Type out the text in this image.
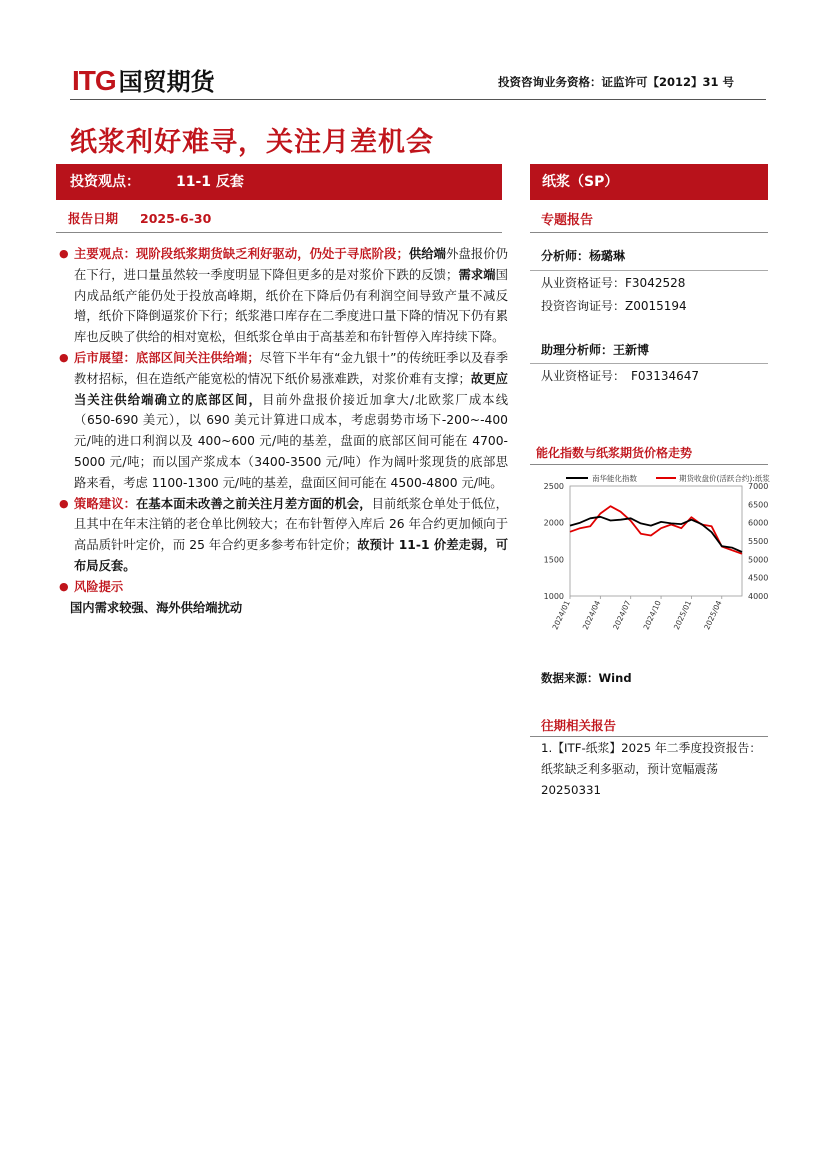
ITG 国贸期货	投资咨询业务资格：证监许可【2012】31 号
纸浆利好难寻，关注月差机会
投资观点：	11-1 反套	纸浆（SP）
报告日期 2025-6-30	专题报告

● 主要观点：现阶段纸浆期货缺乏利好驱动，仍处于寻底阶段；供给端外盘报价仍在下行，进口量虽然较一季度明显下降但更多的是对浆价下跌的反馈；需求端国内成品纸产能仍处于投放高峰期，纸价在下降后仍有利润空间导致产量不减反增，纸价下降倒逼浆价下行；纸浆港口库存在二季度进口量下降的情况下仍有累库也反映了供给的相对宽松，但纸浆仓单由于高基差和布针暂停入库持续下降。

● 后市展望：底部区间关注供给端；尽管下半年有“金九银十”的传统旺季以及春季教材招标，但在造纸产能宽松的情况下纸价易涨难跌，对浆价难有支撑；故更应当关注供给端确立的底部区间，目前外盘报价接近加拿大/北欧浆厂成本线（650-690 美元），以 690 美元计算进口成本，考虑弱势市场下-200~-400 元/吨的进口利润以及 400~600 元/吨的基差，盘面的底部区间可能在 4700-5000 元/吨；而以国产浆成本（3400-3500 元/吨）作为阔叶浆现货的底部思路来看，考虑 1100-1300 元/吨的基差，盘面区间可能在 4500-4800 元/吨。

● 策略建议：在基本面未改善之前关注月差方面的机会，目前纸浆仓单处于低位，且其中在年末注销的老仓单比例较大；在布针暂停入库后 26 年合约更加倾向于高品质针叶定价，而 25 年合约更多参考布针定价；故预计 11-1 价差走弱，可布局反套。

● 风险提示

国内需求较强、海外供给端扰动

分析师：杨璐琳
从业资格证号：F3042528
投资咨询证号：Z0015194
助理分析师：王新博
从业资格证号： F03134647
能化指数与纸浆期货价格走势
1000
1500
2000
2500
4000
4500
5000
5500
6000
6500
7000
2024/01 2024/04 2024/07 2024/10 2025/01 2025/04
南华能化指数	期货收盘价(活跃合约):纸浆
数据来源：Wind
往期相关报告
1.【ITF-纸浆】2025 年二季度投资报告：纸浆缺乏利多驱动，预计宽幅震荡 20250331
